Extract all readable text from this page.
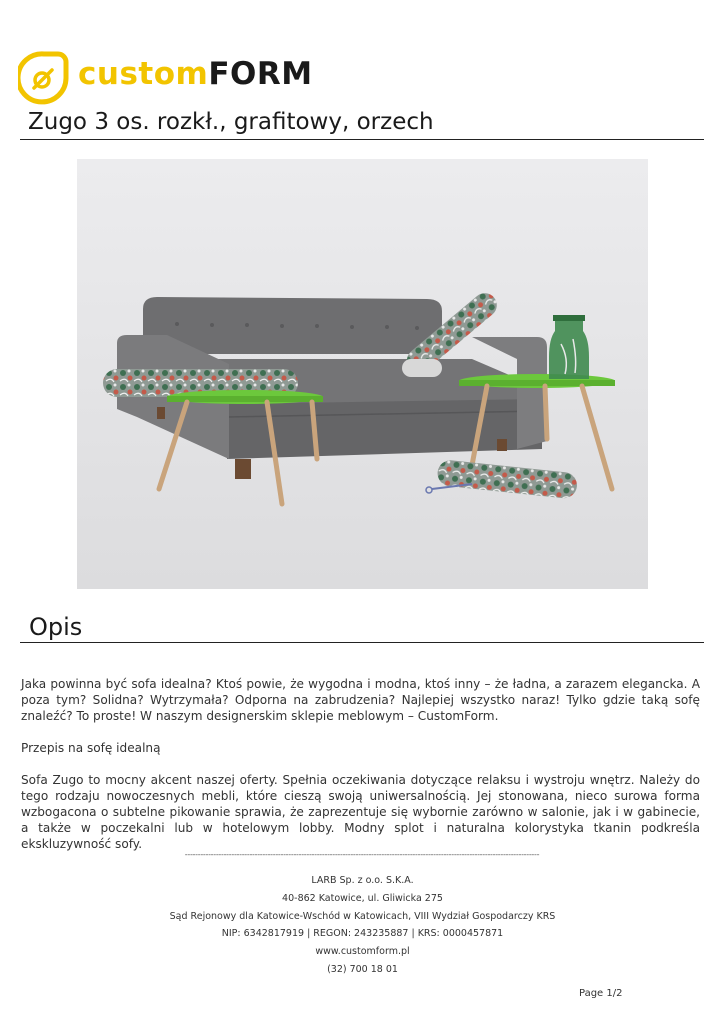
customFORM
Zugo 3 os. rozkł., grafitowy, orzech
Opis

Jaka powinna być sofa idealna? Ktoś powie, że wygodna i modna, ktoś inny – że ładna, a zarazem elegancka. A poza tym? Solidna? Wytrzymała? Odporna na zabrudzenia? Najlepiej wszystko naraz! Tylko gdzie taką sofę znaleźć? To proste! W naszym designerskim sklepie meblowym – CustomForm.

Przepis na sofę idealną

Sofa Zugo to mocny akcent naszej oferty. Spełnia oczekiwania dotyczące relaksu i wystroju wnętrz. Należy do tego rodzaju nowoczesnych mebli, które cieszą swoją uniwersalnością. Jej stonowana, nieco surowa forma wzbogacona o subtelne pikowanie sprawia, że zaprezentuje się wybornie zarówno w salonie, jak i w gabinecie, a także w poczekalni lub w hotelowym lobby. Modny splot i naturalna kolorystyka tkanin podkreśla ekskluzywność sofy.

-----------------------------------------------------------------------------------------------------------------------------------------
LARB Sp. z o.o. S.K.A.
40-862 Katowice, ul. Gliwicka 275
Sąd Rejonowy dla Katowice-Wschód w Katowicach, VIII Wydział Gospodarczy KRS
NIP: 6342817919 | REGON: 243235887 | KRS: 0000457871
www.customform.pl
(32) 700 18 01
Page 1/2
